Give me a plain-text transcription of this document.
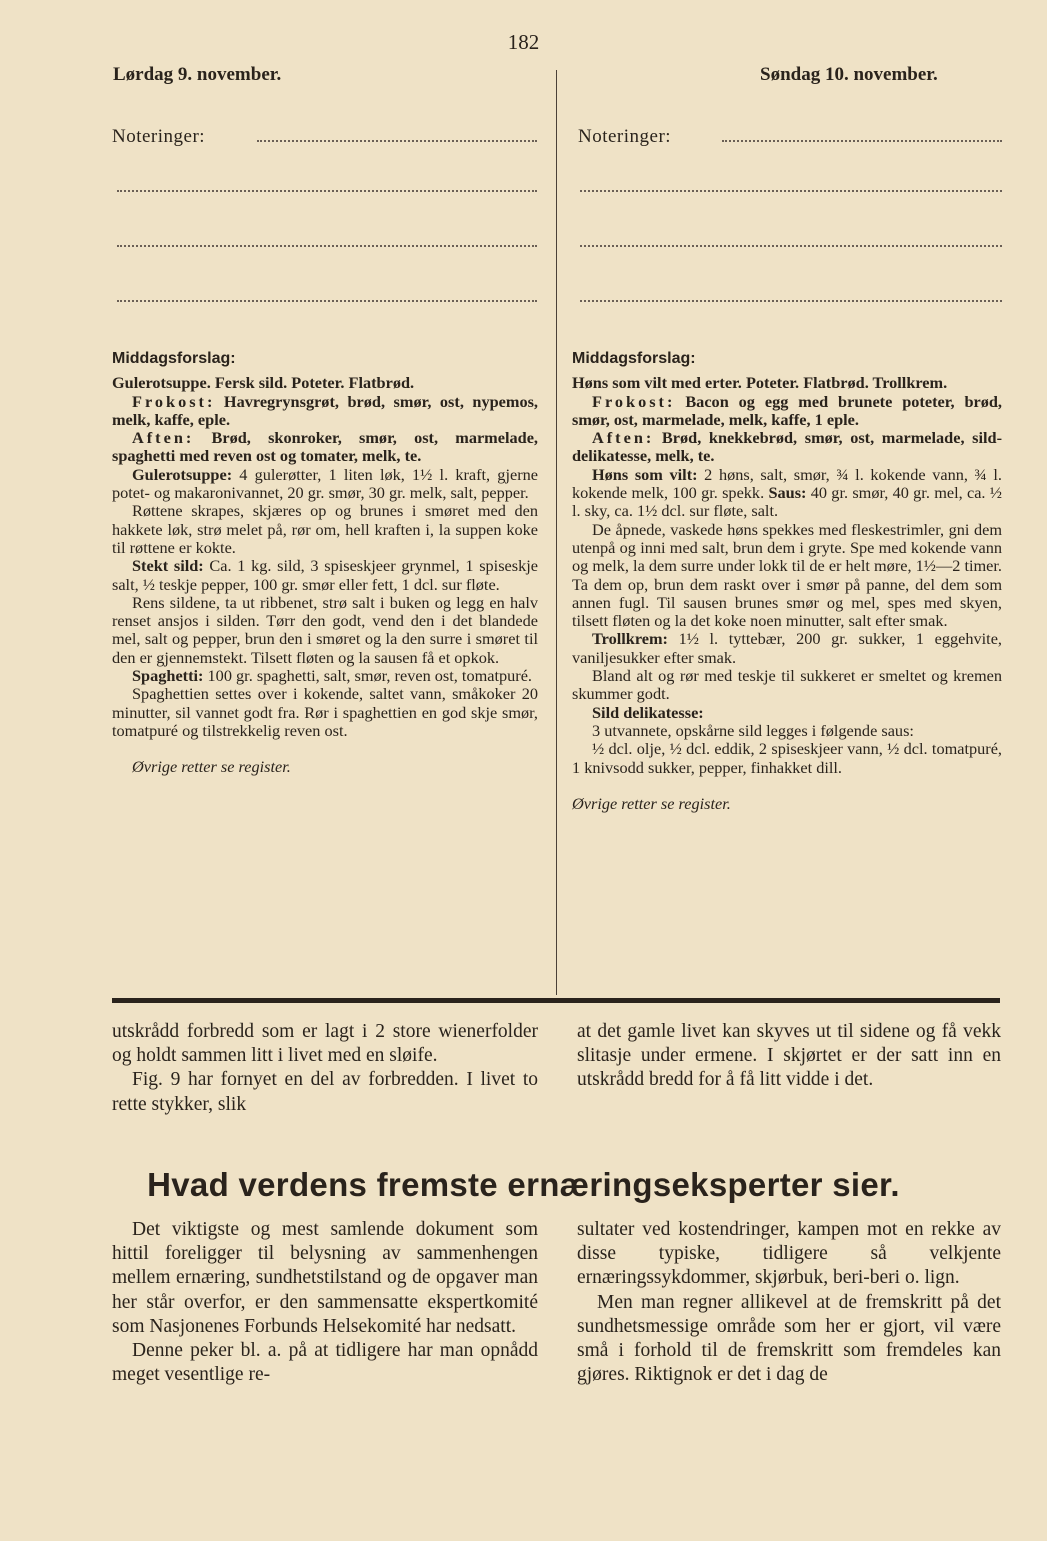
182
Lørdag 9. november.	Søndag 10. november.
Noteringer:	Noteringer:
Middagsforslag:

Gulerotsuppe. Fersk sild. Poteter. Flatbrød.

Frokost: Havregrynsgrøt, brød, smør, ost, nypemos, melk, kaffe, eple.

Aften: Brød, skonroker, smør, ost, marmelade, spaghetti med reven ost og tomater, melk, te.

Gulerotsuppe: 4 gulerøtter, 1 liten løk, 1½ l. kraft, gjerne potet- og makaronivannet, 20 gr. smør, 30 gr. melk, salt, pepper.

Røttene skrapes, skjæres op og brunes i smøret med den hakkete løk, strø melet på, rør om, hell kraften i, la suppen koke til røttene er kokte.

Stekt sild: Ca. 1 kg. sild, 3 spiseskjeer grynmel, 1 spiseskje salt, ½ teskje pepper, 100 gr. smør eller fett, 1 dcl. sur fløte.

Rens sildene, ta ut ribbenet, strø salt i buken og legg en halv renset ansjos i silden. Tørr den godt, vend den i det blandede mel, salt og pepper, brun den i smøret og la den surre i smøret til den er gjennemstekt. Tilsett fløten og la sausen få et opkok.

Spaghetti: 100 gr. spaghetti, salt, smør, reven ost, tomatpuré.

Spaghettien settes over i kokende, saltet vann, småkoker 20 minutter, sil vannet godt fra. Rør i spaghettien en god skje smør, tomatpuré og tilstrekkelig reven ost.

Øvrige retter se register.

Middagsforslag:

Høns som vilt med erter. Poteter. Flatbrød. Trollkrem.

Frokost: Bacon og egg med brunete poteter, brød, smør, ost, marmelade, melk, kaffe, 1 eple.

Aften: Brød, knekkebrød, smør, ost, marmelade, sild-delikatesse, melk, te.

Høns som vilt: 2 høns, salt, smør, ¾ l. kokende vann, ¾ l. kokende melk, 100 gr. spekk. Saus: 40 gr. smør, 40 gr. mel, ca. ½ l. sky, ca. 1½ dcl. sur fløte, salt.

De åpnede, vaskede høns spekkes med fleskestrimler, gni dem utenpå og inni med salt, brun dem i gryte. Spe med kokende vann og melk, la dem surre under lokk til de er helt møre, 1½—2 timer. Ta dem op, brun dem raskt over i smør på panne, del dem som annen fugl. Til sausen brunes smør og mel, spes med skyen, tilsett fløten og la det koke noen minutter, salt efter smak.

Trollkrem: 1½ l. tyttebær, 200 gr. sukker, 1 eggehvite, vaniljesukker efter smak.

Bland alt og rør med teskje til sukkeret er smeltet og kremen skummer godt.

Sild delikatesse:

3 utvannete, opskårne sild legges i følgende saus:

½ dcl. olje, ½ dcl. eddik, 2 spiseskjeer vann, ½ dcl. tomatpuré, 1 knivsodd sukker, pepper, finhakket dill.

Øvrige retter se register.

utskrådd forbredd som er lagt i 2 store wienerfolder og holdt sammen litt i livet med en sløife.

Fig. 9 har fornyet en del av forbredden. I livet to rette stykker, slik

at det gamle livet kan skyves ut til sidene og få vekk slitasje under ermene. I skjørtet er der satt inn en utskrådd bredd for å få litt vidde i det.

Hvad verdens fremste ernæringseksperter sier.

Det viktigste og mest samlende dokument som hittil foreligger til belysning av sammenhengen mellem ernæring, sundhetstilstand og de opgaver man her står overfor, er den sammensatte ekspertkomité som Nasjonenes Forbunds Helsekomité har nedsatt.

Denne peker bl. a. på at tidligere har man opnådd meget vesentlige re-

sultater ved kostendringer, kampen mot en rekke av disse typiske, tidligere så velkjente ernæringssykdommer, skjørbuk, beri-beri o. lign.

Men man regner allikevel at de fremskritt på det sundhetsmessige område som her er gjort, vil være små i forhold til de fremskritt som fremdeles kan gjøres. Riktignok er det i dag de
